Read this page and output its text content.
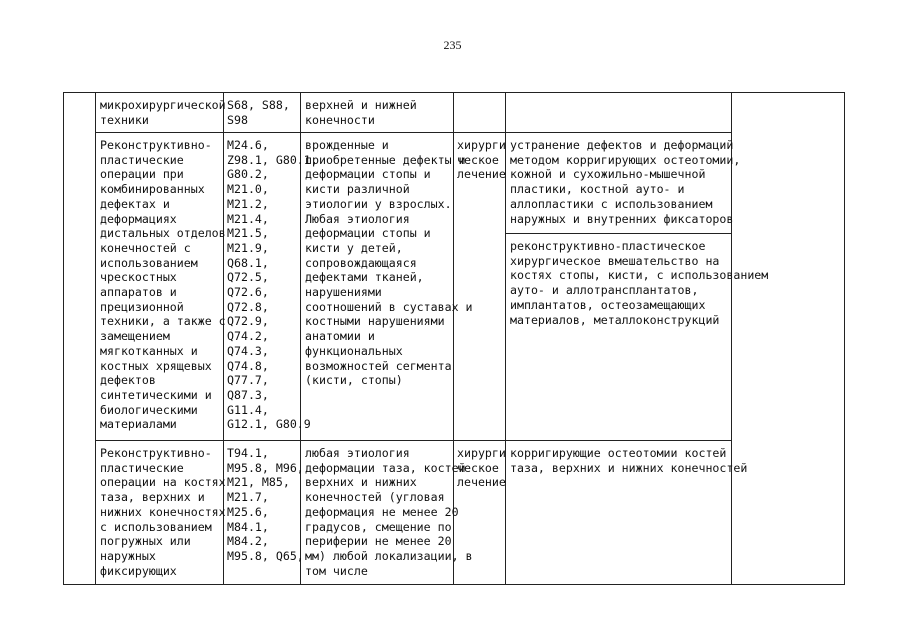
235
микрохирургической
техники
S68, S88,
S98
верхней и нижней
конечности
Реконструктивно-
пластические
операции при
комбинированных
дефектах и
деформациях
дистальных отделов
конечностей с
использованием
чрескостных
аппаратов и
прецизионной
техники, а также с
замещением
мягкотканных и
костных хрящевых
дефектов
синтетическими и
биологическими
материалами
M24.6,
Z98.1, G80.1,
G80.2,
M21.0,
M21.2,
M21.4,
M21.5,
M21.9,
Q68.1,
Q72.5,
Q72.6,
Q72.8,
Q72.9,
Q74.2,
Q74.3,
Q74.8,
Q77.7,
Q87.3,
G11.4,
G12.1, G80.9
врожденные и
приобретенные дефекты и
деформации стопы и
кисти различной
этиологии у взрослых.
Любая этиология
деформации стопы и
кисти у детей,
сопровождающаяся
дефектами тканей,
нарушениями
соотношений в суставах и
костными нарушениями
анатомии и
функциональных
возможностей сегмента
(кисти, стопы)
хирурги
ческое
лечение
устранение дефектов и деформаций
методом корригирующих остеотомии,
кожной и сухожильно-мышечной
пластики, костной ауто- и
аллопластики с использованием
наружных и внутренних фиксаторов
реконструктивно-пластическое
хирургическое вмешательство на
костях стопы, кисти, с использованием
ауто- и аллотрансплантатов,
имплантатов, остеозамещающих
материалов, металлоконструкций
Реконструктивно-
пластические
операции на костях
таза, верхних и
нижних конечностях
с использованием
погружных или
наружных
фиксирующих
T94.1,
M95.8, M96,
M21, M85,
M21.7,
M25.6,
M84.1,
M84.2,
M95.8, Q65,
любая этиология
деформации таза, костей
верхних и нижних
конечностей (угловая
деформация не менее 20
градусов, смещение по
периферии не менее 20
мм) любой локализации, в
том числе
хирурги
ческое
лечение
корригирующие остеотомии костей
таза, верхних и нижних конечностей
